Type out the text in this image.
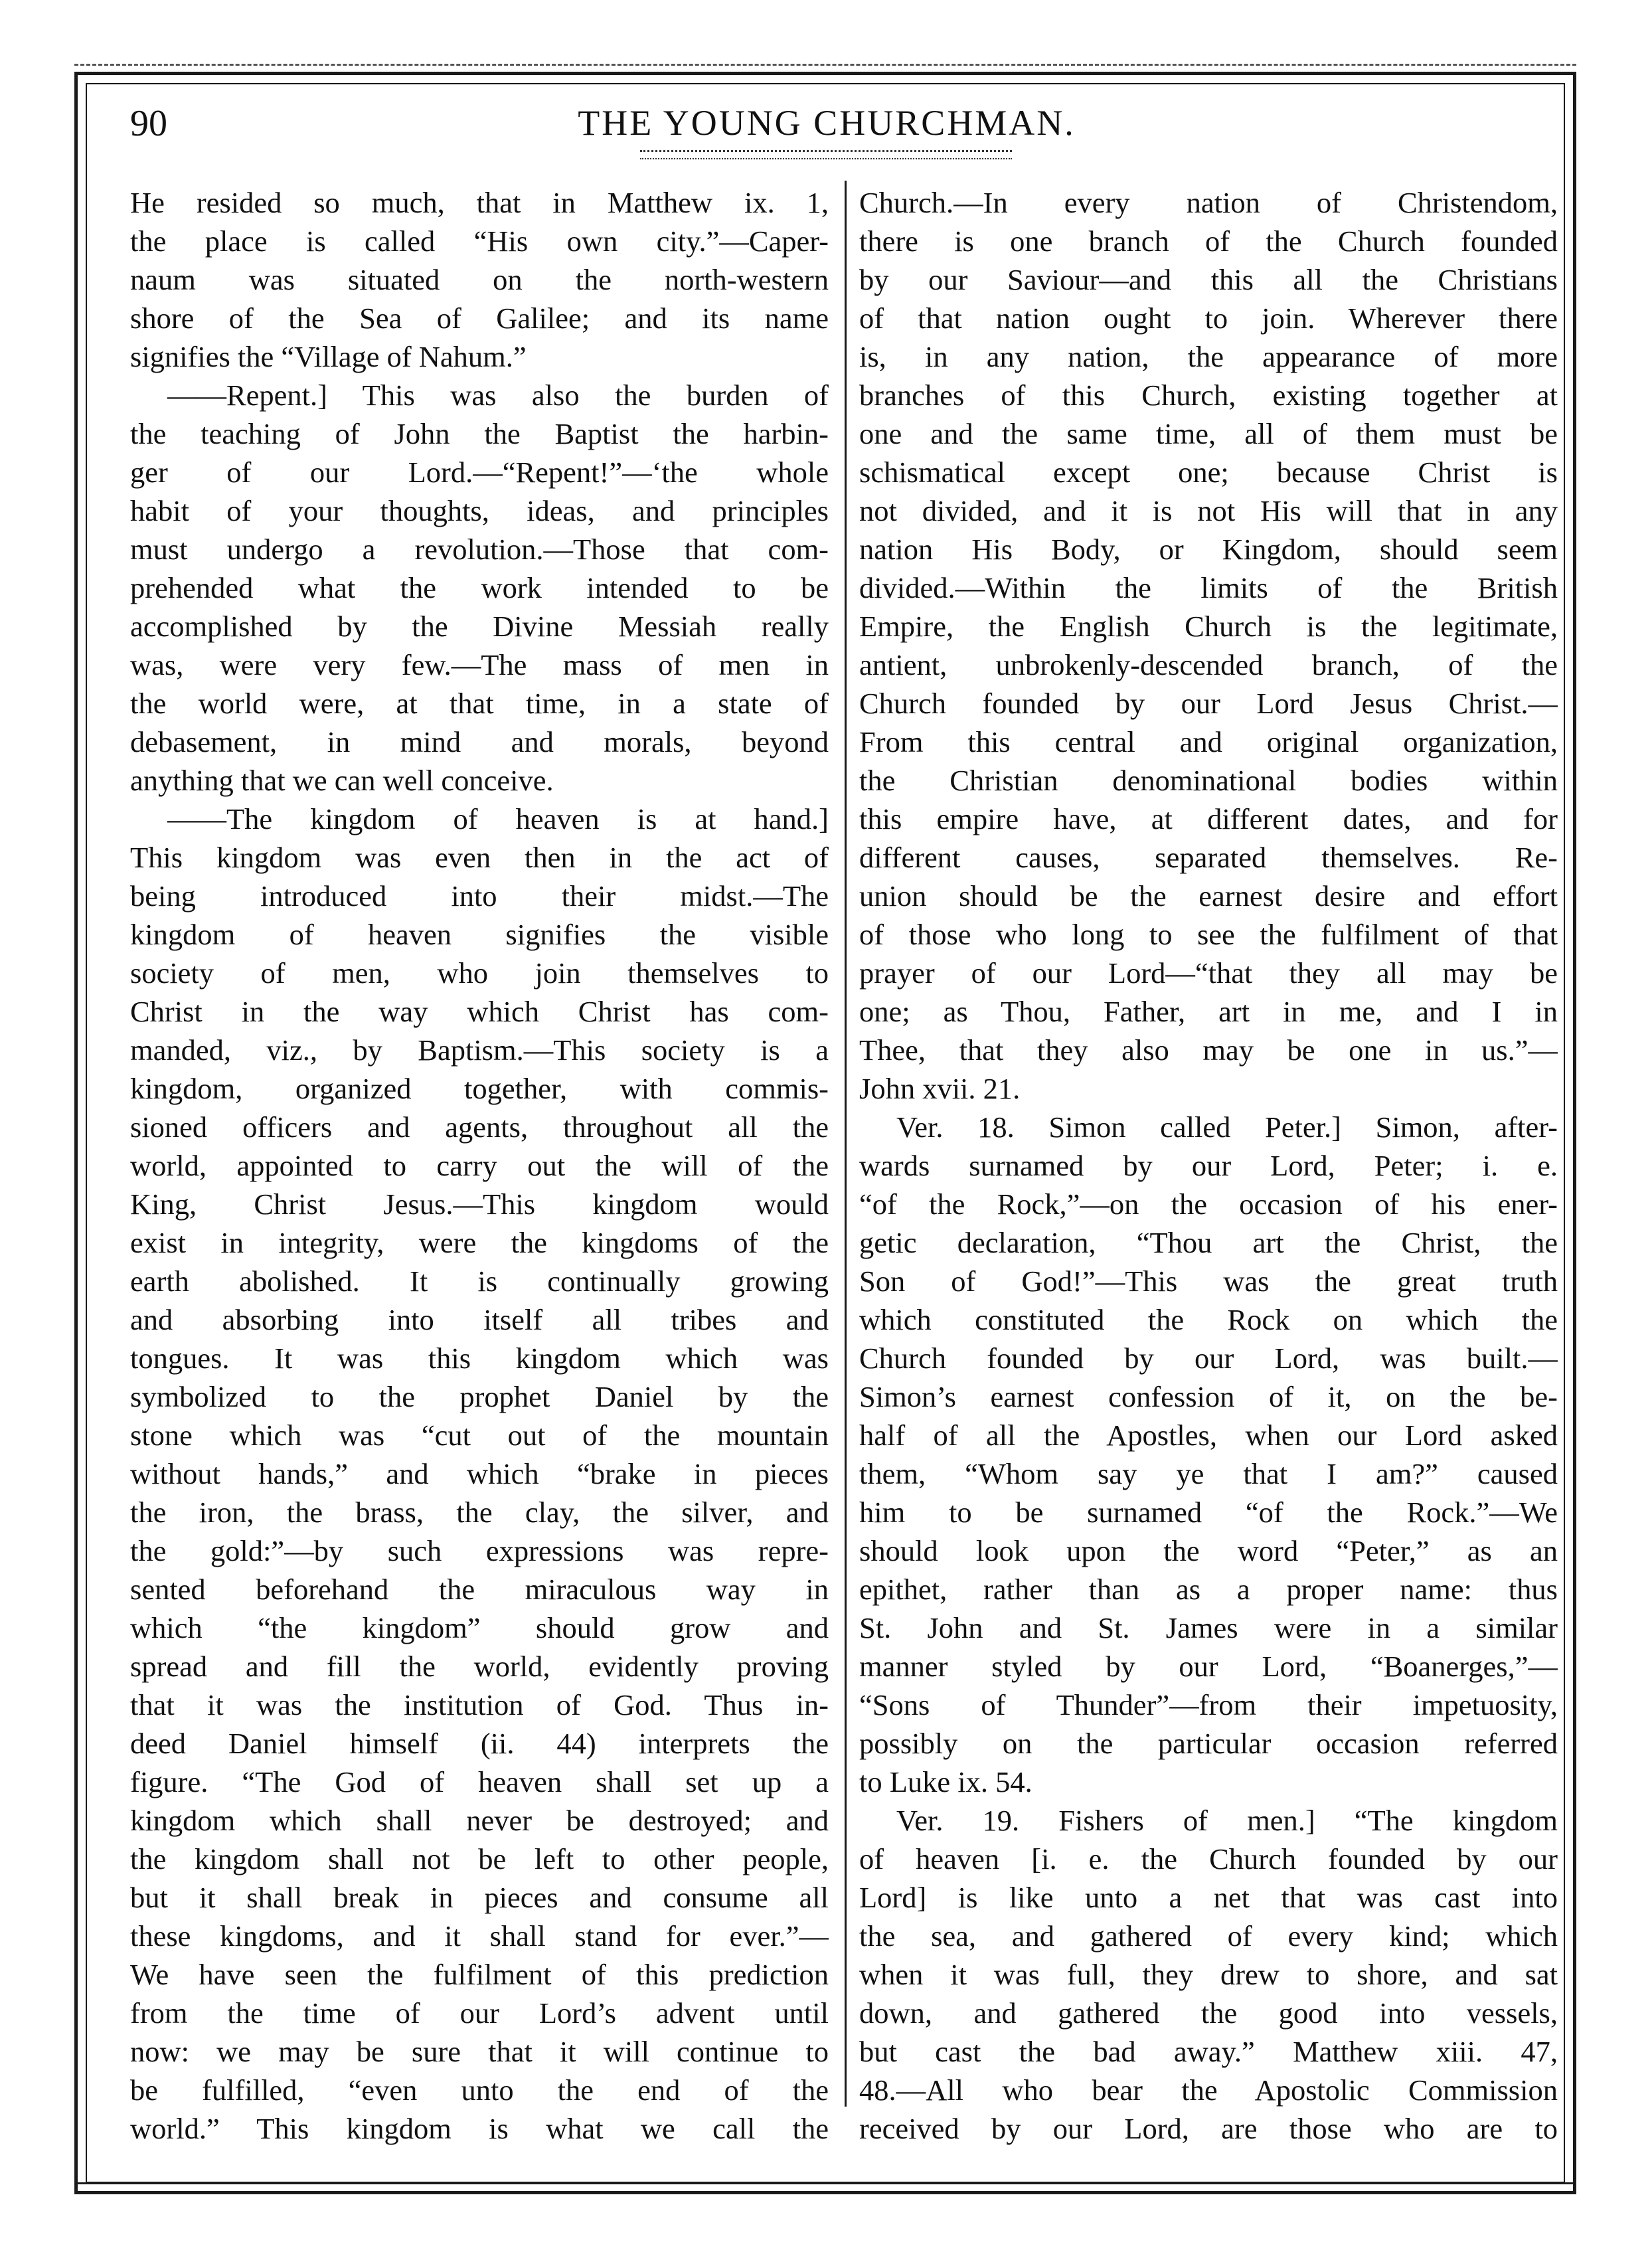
90	THE YOUNG CHURCHMAN.
He resided so much, that in Matthew ix. 1,
the place is called “His own city.”—Caper-
naum was situated on the north-western
shore of the Sea of Galilee; and its name
signifies the “Village of Nahum.”
——Repent.] This was also the burden of
the teaching of John the Baptist the harbin-
ger of our Lord.—“Repent!”—‘the whole
habit of your thoughts, ideas, and principles
must undergo a revolution.—Those that com-
prehended what the work intended to be
accomplished by the Divine Messiah really
was, were very few.—The mass of men in
the world were, at that time, in a state of
debasement, in mind and morals, beyond
anything that we can well conceive.
——The kingdom of heaven is at hand.]
This kingdom was even then in the act of
being introduced into their midst.—The
kingdom of heaven signifies the visible
society of men, who join themselves to
Christ in the way which Christ has com-
manded, viz., by Baptism.—This society is a
kingdom, organized together, with commis-
sioned officers and agents, throughout all the
world, appointed to carry out the will of the
King, Christ Jesus.—This kingdom would
exist in integrity, were the kingdoms of the
earth abolished. It is continually growing
and absorbing into itself all tribes and
tongues. It was this kingdom which was
symbolized to the prophet Daniel by the
stone which was “cut out of the mountain
without hands,” and which “brake in pieces
the iron, the brass, the clay, the silver, and
the gold:”—by such expressions was repre-
sented beforehand the miraculous way in
which “the kingdom” should grow and
spread and fill the world, evidently proving
that it was the institution of God. Thus in-
deed Daniel himself (ii. 44) interprets the
figure. “The God of heaven shall set up a
kingdom which shall never be destroyed; and
the kingdom shall not be left to other people,
but it shall break in pieces and consume all
these kingdoms, and it shall stand for ever.”—
We have seen the fulfilment of this prediction
from the time of our Lord’s advent until
now: we may be sure that it will continue to
be fulfilled, “even unto the end of the
world.” This kingdom is what we call the
Church.—In every nation of Christendom,
there is one branch of the Church founded
by our Saviour—and this all the Christians
of that nation ought to join. Wherever there
is, in any nation, the appearance of more
branches of this Church, existing together at
one and the same time, all of them must be
schismatical except one; because Christ is
not divided, and it is not His will that in any
nation His Body, or Kingdom, should seem
divided.—Within the limits of the British
Empire, the English Church is the legitimate,
antient, unbrokenly-descended branch, of the
Church founded by our Lord Jesus Christ.—
From this central and original organization,
the Christian denominational bodies within
this empire have, at different dates, and for
different causes, separated themselves. Re-
union should be the earnest desire and effort
of those who long to see the fulfilment of that
prayer of our Lord—“that they all may be
one; as Thou, Father, art in me, and I in
Thee, that they also may be one in us.”—
John xvii. 21.
Ver. 18. Simon called Peter.] Simon, after-
wards surnamed by our Lord, Peter; i. e.
“of the Rock,”—on the occasion of his ener-
getic declaration, “Thou art the Christ, the
Son of God!”—This was the great truth
which constituted the Rock on which the
Church founded by our Lord, was built.—
Simon’s earnest confession of it, on the be-
half of all the Apostles, when our Lord asked
them, “Whom say ye that I am?” caused
him to be surnamed “of the Rock.”—We
should look upon the word “Peter,” as an
epithet, rather than as a proper name: thus
St. John and St. James were in a similar
manner styled by our Lord, “Boanerges,”—
“Sons of Thunder”—from their impetuosity,
possibly on the particular occasion referred
to Luke ix. 54.
Ver. 19. Fishers of men.] “The kingdom
of heaven [i. e. the Church founded by our
Lord] is like unto a net that was cast into
the sea, and gathered of every kind; which
when it was full, they drew to shore, and sat
down, and gathered the good into vessels,
but cast the bad away.” Matthew xiii. 47,
48.—All who bear the Apostolic Commission
received by our Lord, are those who are to
